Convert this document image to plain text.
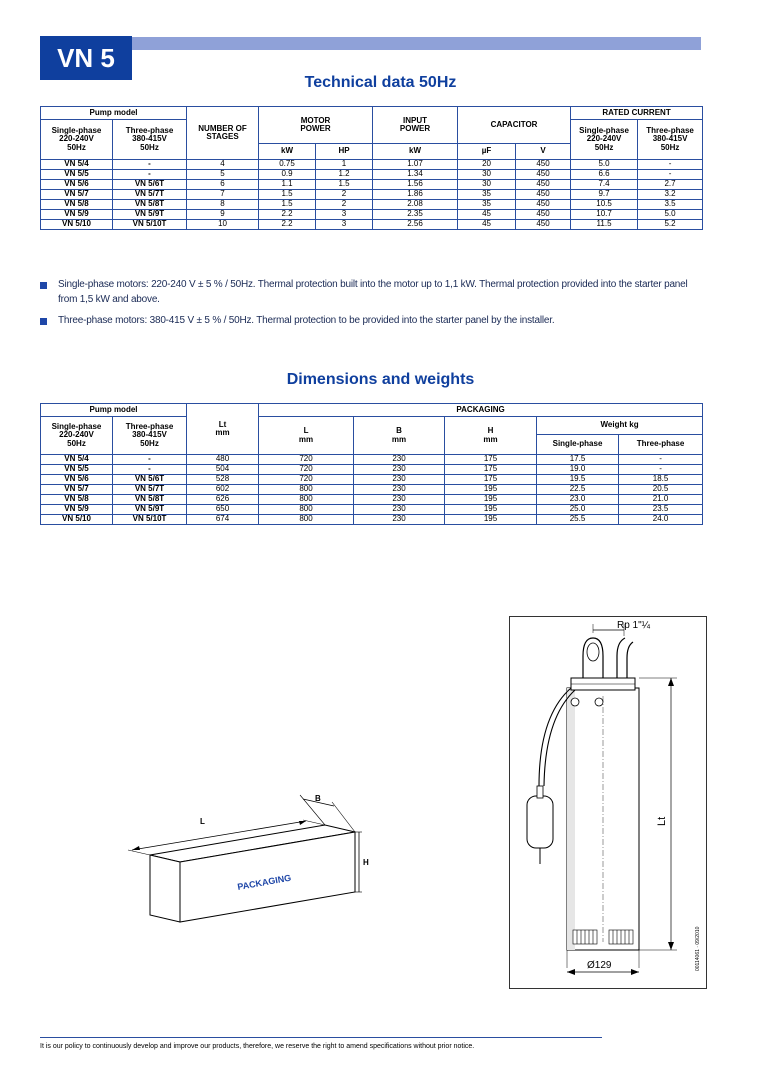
VN 5
Technical data 50Hz
Pump model		NUMBER OF
STAGES	MOTOR
POWER		INPUT
POWER	CAPACITOR		RATED CURRENT	
Single-phase
220-240V
50Hz	Three-phase
380-415V
50Hz							Single-phase
220-240V
50Hz	Three-phase
380-415V
50Hz
			kW	HP	kW	µF	V		
VN 5/4	-	4	0.75	1	1.07	20	450	5.0	-
VN 5/5	-	5	0.9	1.2	1.34	30	450	6.6	-
VN 5/6	VN 5/6T	6	1.1	1.5	1.56	30	450	7.4	2.7
VN 5/7	VN 5/7T	7	1.5	2	1.86	35	450	9.7	3.2
VN 5/8	VN 5/8T	8	1.5	2	2.08	35	450	10.5	3.5
VN 5/9	VN 5/9T	9	2.2	3	2.35	45	450	10.7	5.0
VN 5/10	VN 5/10T	10	2.2	3	2.56	45	450	11.5	5.2
Single-phase motors: 220-240 V ± 5 % / 50Hz. Thermal protection built into the motor up to 1,1 kW. Thermal protection provided into the starter panel from 1,5 kW and above.
Three-phase motors: 380-415 V ± 5 % / 50Hz. Thermal protection to be provided into the starter panel by the installer.
Dimensions and weights
Pump model		Lt
mm	PACKAGING				
Single-phase
220-240V
50Hz	Three-phase
380-415V
50Hz		L
mm	B
mm	H
mm	Weight kg	
						Single-phase	Three-phase
VN 5/4	-	480	720	230	175	17.5	-
VN 5/5	-	504	720	230	175	19.0	-
VN 5/6	VN 5/6T	528	720	230	175	19.5	18.5
VN 5/7	VN 5/7T	602	800	230	195	22.5	20.5
VN 5/8	VN 5/8T	626	800	230	195	23.0	21.0
VN 5/9	VN 5/9T	650	800	230	195	25.0	23.5
VN 5/10	VN 5/10T	674	800	230	195	25.5	24.0
L
B
H
PACKAGING
Rp 1"¼
Lt
Ø129	00114061 · 09/2010
It is our policy to continuously develop and improve our products, therefore, we reserve the right to amend specifications without prior notice.
